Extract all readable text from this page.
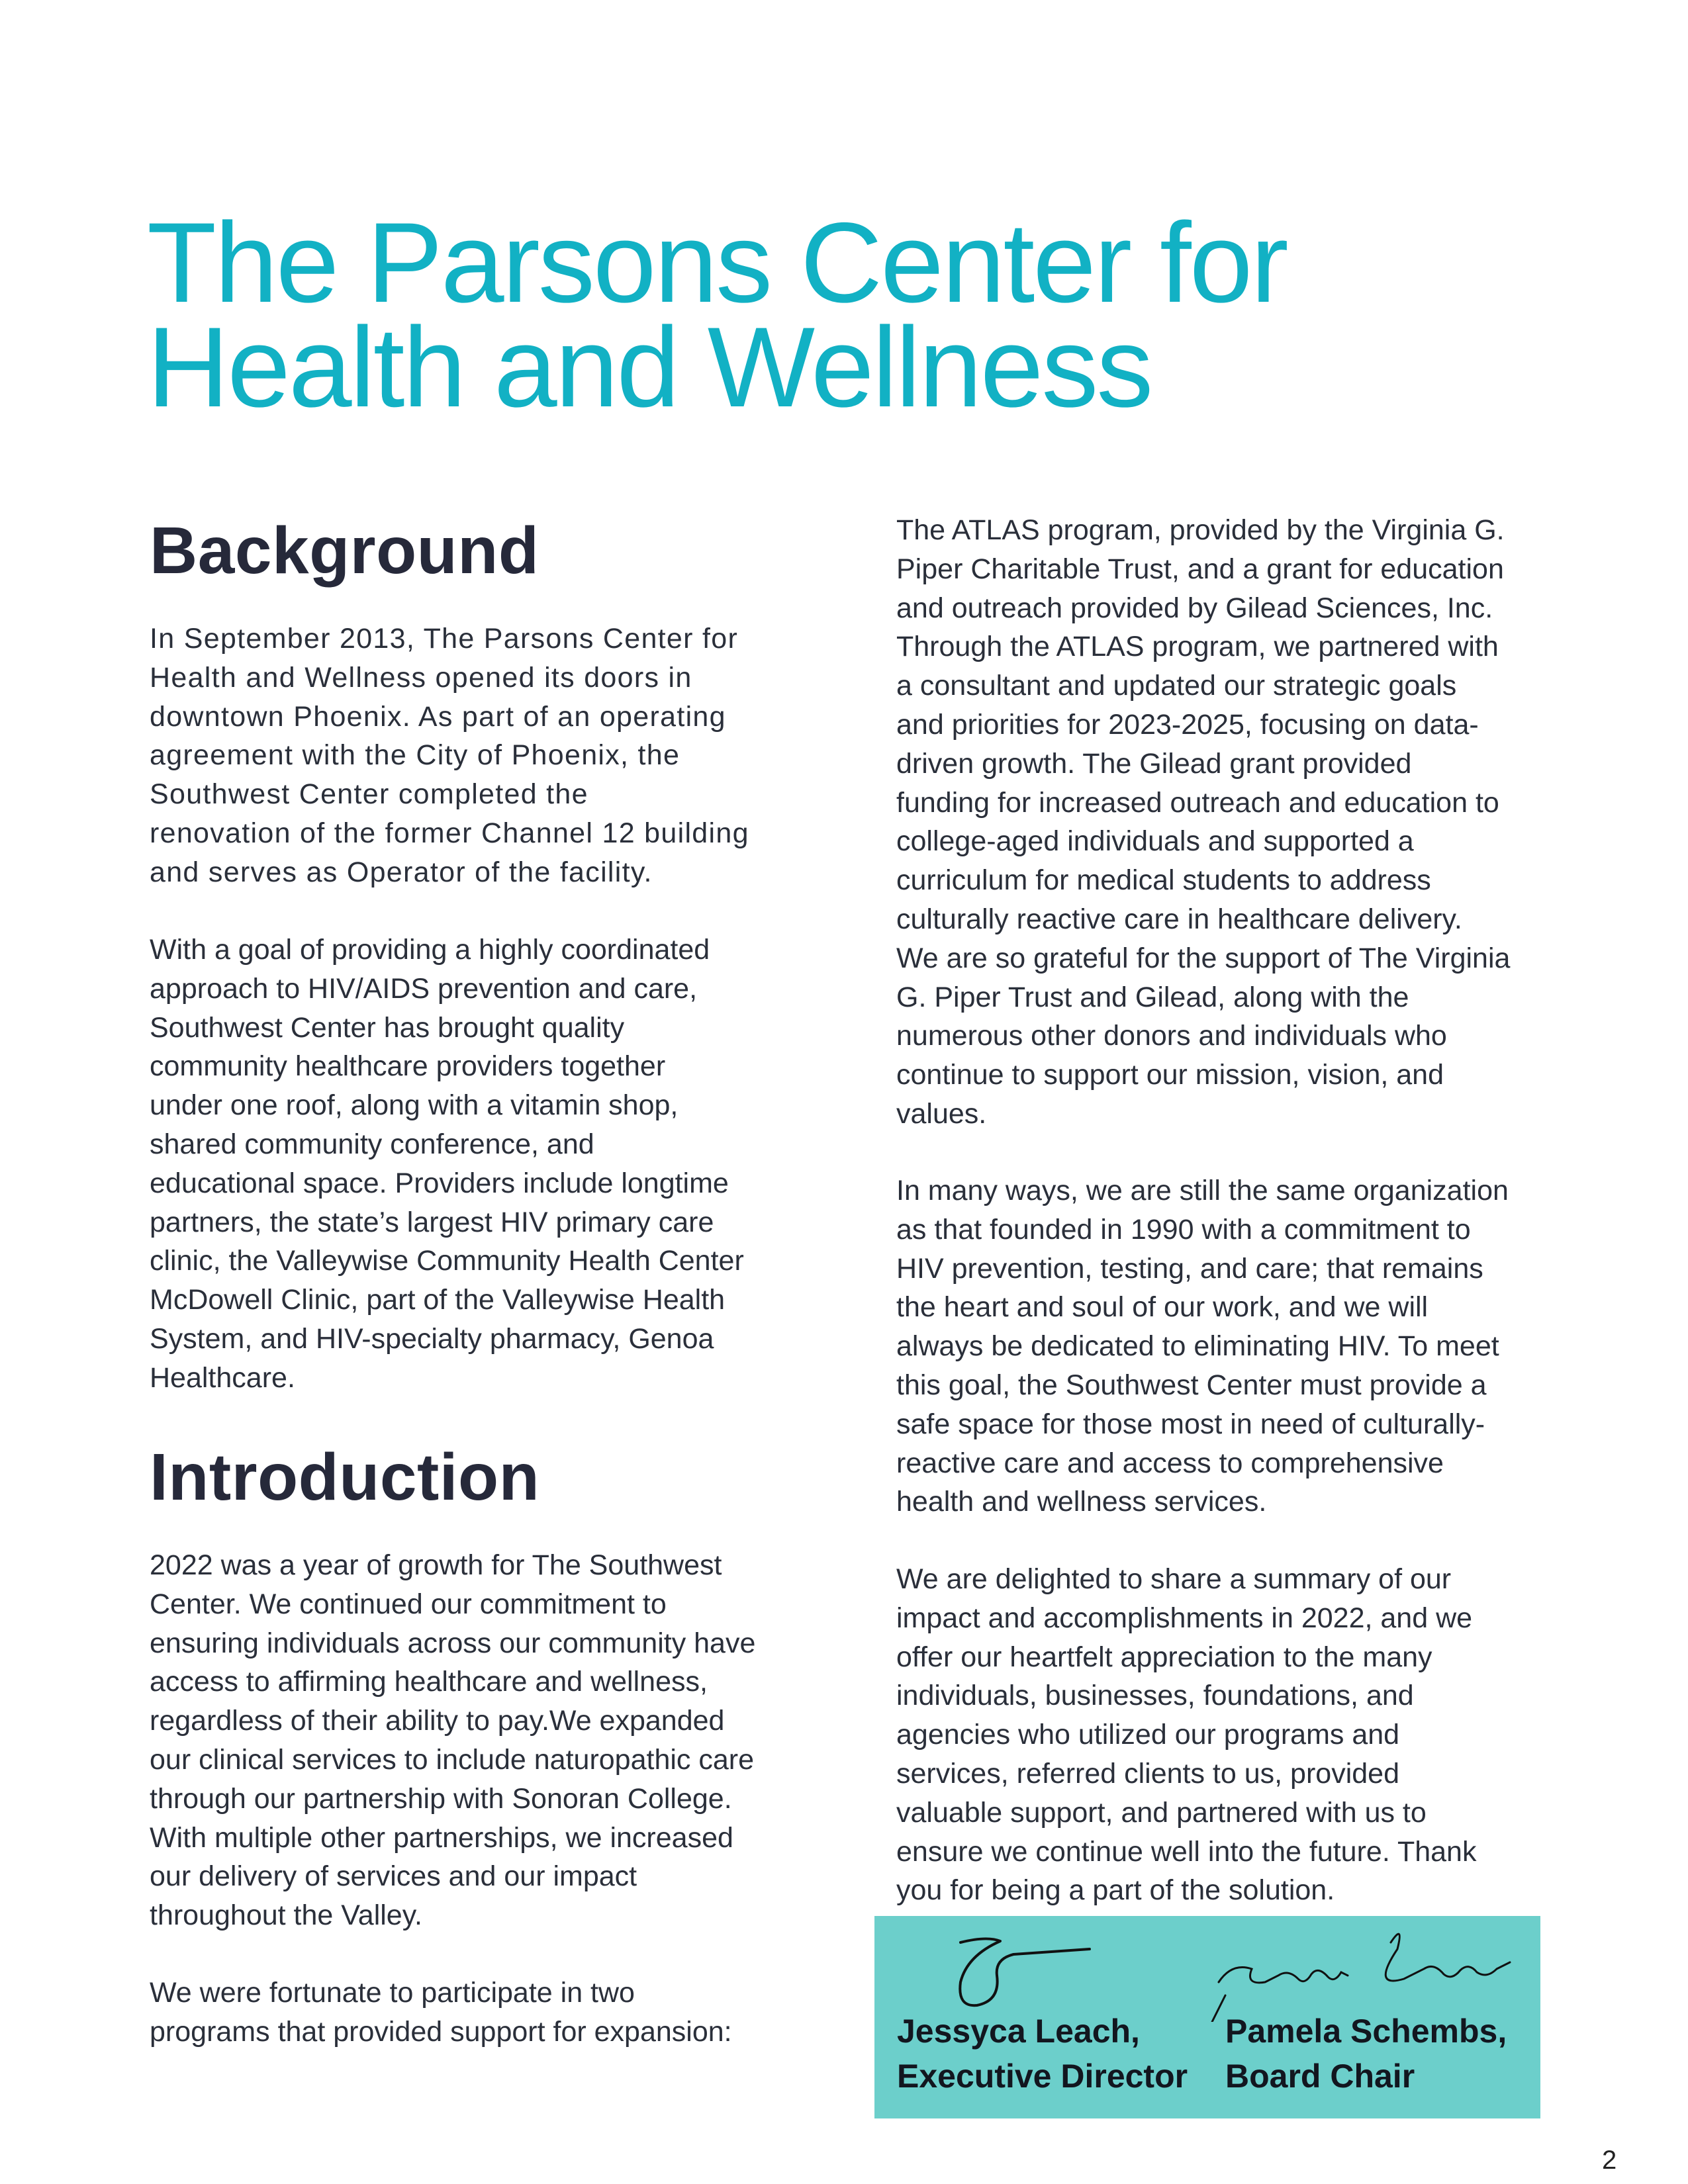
The Parsons Center for
Health and Wellness
Background

In September 2013, The Parsons Center for
Health and Wellness opened its doors in
downtown Phoenix. As part of an operating
agreement with the City of Phoenix, the
Southwest Center completed the
renovation of the former Channel 12 building
and serves as Operator of the facility.

With a goal of providing a highly coordinated
approach to HIV/AIDS prevention and care,
Southwest Center has brought quality
community healthcare providers together
under one roof, along with a vitamin shop,
shared community conference, and
educational space. Providers include longtime
partners, the state’s largest HIV primary care
clinic, the Valleywise Community Health Center
McDowell Clinic, part of the Valleywise Health
System, and HIV-specialty pharmacy, Genoa
Healthcare.

Introduction

2022 was a year of growth for The Southwest
Center. We continued our commitment to
ensuring individuals across our community have
access to affirming healthcare and wellness,
regardless of their ability to pay.We expanded
our clinical services to include naturopathic care
through our partnership with Sonoran College.
With multiple other partnerships, we increased
our delivery of services and our impact
throughout the Valley.

We were fortunate to participate in two
programs that provided support for expansion:

The ATLAS program, provided by the Virginia G.
Piper Charitable Trust, and a grant for education
and outreach provided by Gilead Sciences, Inc.
Through the ATLAS program, we partnered with
a consultant and updated our strategic goals
and priorities for 2023-2025, focusing on data-
driven growth. The Gilead grant provided
funding for increased outreach and education to
college-aged individuals and supported a
curriculum for medical students to address
culturally reactive care in healthcare delivery.
We are so grateful for the support of The Virginia
G. Piper Trust and Gilead, along with the
numerous other donors and individuals who
continue to support our mission, vision, and
values.

In many ways, we are still the same organization
as that founded in 1990 with a commitment to
HIV prevention, testing, and care; that remains
the heart and soul of our work, and we will
always be dedicated to eliminating HIV. To meet
this goal, the Southwest Center must provide a
safe space for those most in need of culturally-
reactive care and access to comprehensive
health and wellness services.

We are delighted to share a summary of our
impact and accomplishments in 2022, and we
offer our heartfelt appreciation to the many
individuals, businesses, foundations, and
agencies who utilized our programs and
services, referred clients to us, provided
valuable support, and partnered with us to
ensure we continue well into the future. Thank
you for being a part of the solution.

Jessyca Leach,
Executive Director
Pamela Schembs,
Board Chair
2
